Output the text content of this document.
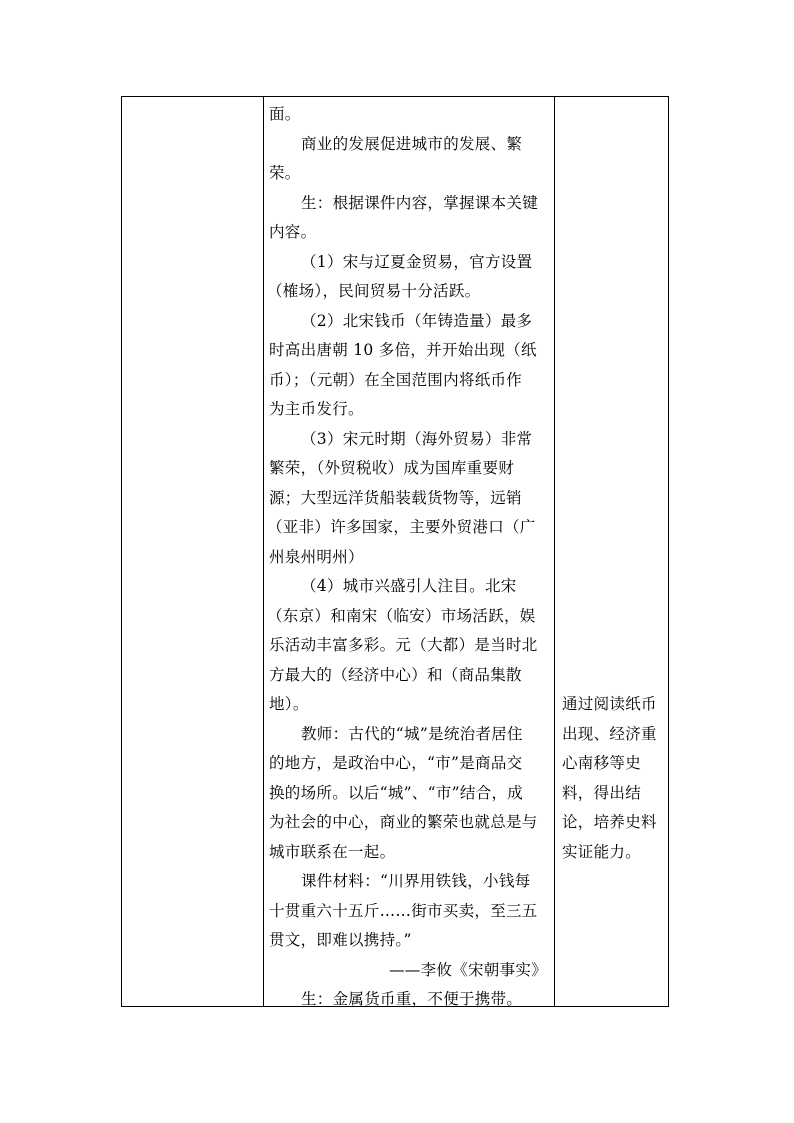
面。
商业的发展促进城市的发展、繁
荣。
生：根据课件内容，掌握课本关键
内容。
（1）宋与辽夏金贸易，官方设置
（榷场），民间贸易十分活跃。
（2）北宋钱币（年铸造量）最多
时高出唐朝 10 多倍，并开始出现（纸
币）；（元朝）在全国范围内将纸币作
为主币发行。
（3）宋元时期（海外贸易）非常
繁荣，（外贸税收）成为国库重要财
源；大型远洋货船装载货物等，远销
（亚非）许多国家，主要外贸港口（广
州泉州明州）
（4）城市兴盛引人注目。北宋
（东京）和南宋（临安）市场活跃，娱
乐活动丰富多彩。元（大都）是当时北
方最大的（经济中心）和（商品集散
地）。
教师：古代的“城”是统治者居住
的地方，是政治中心，“市”是商品交
换的场所。以后“城”、“市”结合，成
为社会的中心，商业的繁荣也就总是与
城市联系在一起。
课件材料：“川界用铁钱，小钱每
十贯重六十五斤……街市买卖，至三五
贯文，即难以携持。”
——李攸《宋朝事实》
生：金属货币重，不便于携带。
通过阅读纸币
出现、经济重
心南移等史
料，得出结
论，培养史料
实证能力。
